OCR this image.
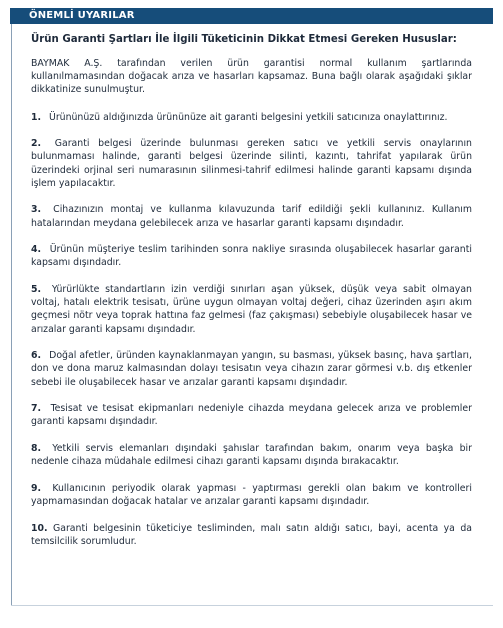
ÖNEMLİ UYARILAR

Ürün Garanti Şartları İle İlgili Tüketicinin Dikkat Etmesi Gereken Hususlar:

BAYMAK A.Ş. tarafından verilen ürün garantisi normal kullanım şartlarında kullanılmamasından doğacak arıza ve hasarları kapsamaz. Buna bağlı olarak aşağıdaki şıklar dikkatinize sunulmuştur.

1. Ürününüzü aldığınızda ürününüze ait garanti belgesini yetkili satıcınıza onaylattırınız.

2. Garanti belgesi üzerinde bulunması gereken satıcı ve yetkili servis onaylarının bulunmaması halinde, garanti belgesi üzerinde silinti, kazıntı, tahrifat yapılarak ürün üzerindeki orjinal seri numarasının silinmesi-tahrif edilmesi halinde garanti kapsamı dışında işlem yapılacaktır.

3. Cihazınızın montaj ve kullanma kılavuzunda tarif edildiği şekli kullanınız. Kullanım hatalarından meydana gelebilecek arıza ve hasarlar garanti kapsamı dışındadır.

4. Ürünün müşteriye teslim tarihinden sonra nakliye sırasında oluşabilecek hasarlar garanti kapsamı dışındadır.

5. Yürürlükte standartların izin verdiği sınırları aşan yüksek, düşük veya sabit olmayan voltaj, hatalı elektrik tesisatı, ürüne uygun olmayan voltaj değeri, cihaz üzerinden aşırı akım geçmesi nötr veya toprak hattına faz gelmesi (faz çakışması) sebebiyle oluşabilecek hasar ve arızalar garanti kapsamı dışındadır.

6. Doğal afetler, üründen kaynaklanmayan yangın, su basması, yüksek basınç, hava şartları, don ve dona maruz kalmasından dolayı tesisatın veya cihazın zarar görmesi v.b. dış etkenler sebebi ile oluşabilecek hasar ve arızalar garanti kapsamı dışındadır.

7. Tesisat ve tesisat ekipmanları nedeniyle cihazda meydana gelecek arıza ve problemler garanti kapsamı dışındadır.

8. Yetkili servis elemanları dışındaki şahıslar tarafından bakım, onarım veya başka bir nedenle cihaza müdahale edilmesi cihazı garanti kapsamı dışında bırakacaktır.

9. Kullanıcının periyodik olarak yapması - yaptırması gerekli olan bakım ve kontrolleri yapmamasından doğacak hatalar ve arızalar garanti kapsamı dışındadır.

10. Garanti belgesinin tüketiciye tesliminden, malı satın aldığı satıcı, bayi, acenta ya da temsilcilik sorumludur.
